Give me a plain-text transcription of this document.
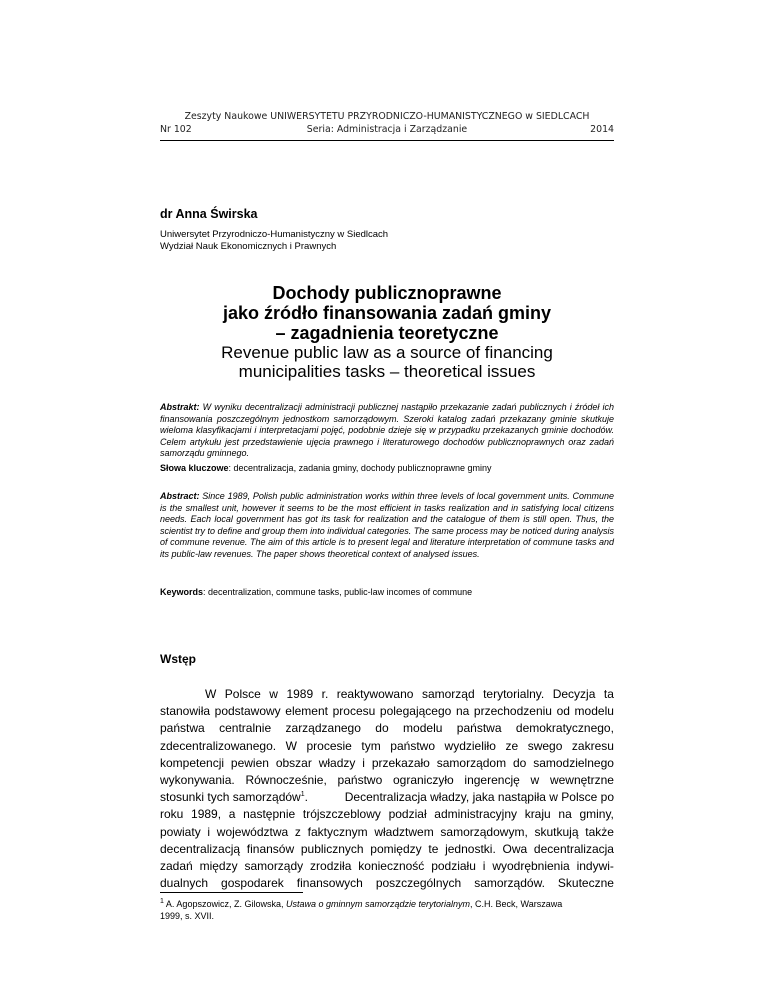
Zeszyty Naukowe UNIWERSYTETU PRZYRODNICZO-HUMANISTYCZNEGO w SIEDLCACH
Nr 102	Seria: Administracja i Zarządzanie	2014
dr Anna Świrska
Uniwersytet Przyrodniczo-Humanistyczny w Siedlcach
Wydział Nauk Ekonomicznych i Prawnych
Dochody publicznoprawne
jako źródło finansowania zadań gminy
– zagadnienia teoretyczne
Revenue public law as a source of financing
municipalities tasks – theoretical issues
Abstrakt: W wyniku decentralizacji administracji publicznej nastąpiło przekazanie zadań publicznych i źródeł ich finansowania poszczególnym jednostkom samorządowym. Szeroki katalog zadań przekazany gminie skutkuje wieloma klasyfikacjami i interpretacjami pojęć, podobnie dzieje się w przypadku przekazanych gminie dochodów. Celem artykułu jest przedstawienie ujęcia prawnego i literaturowego dochodów publicznoprawnych oraz zadań samorządu gminnego.
Słowa kluczowe: decentralizacja, zadania gminy, dochody publicznoprawne gminy
Abstract: Since 1989, Polish public administration works within three levels of local government units. Commune is the smallest unit, however it seems to be the most efficient in tasks realization and in satisfying local citizens needs. Each local government has got its task for realization and the catalogue of them is still open. Thus, the scientist try to define and group them into individual categories. The same process may be noticed during analysis of commune revenue. The aim of this article is to present legal and literature interpretation of commune tasks and its public-law revenues. The paper shows theoretical context of analysed issues.
Keywords: decentralization, commune tasks, public-law incomes of commune
Wstęp
W Polsce w 1989 r. reaktywowano samorząd terytorialny. Decyzja ta
stanowiła podstawowy element procesu polegającego na przechodzeniu od modelu
państwa centralnie zarządzanego do modelu państwa demokratycznego,
zdecentralizowanego. W procesie tym państwo wydzieliło ze swego zakresu
kompetencji pewien obszar władzy i przekazało samorządom do samodzielnego
wykonywania. Równocześnie, państwo ograniczyło ingerencję w wewnętrzne
stosunki tych samorządów$^1$.	Decentralizacja władzy, jaka nastąpiła w Polsce po
roku 1989, a następnie trójszczeblowy podział administracyjny kraju na gminy,
powiaty i województwa z faktycznym władztwem samorządowym, skutkują także
decentralizacją finansów publicznych pomiędzy te jednostki. Owa decentralizacja
zadań między samorządy zrodziła konieczność podziału i wyodrębnienia indywi-
dualnych gospodarek finansowych poszczególnych samorządów. Skuteczne
$^1$ A. Agopszowicz, Z. Gilowska, Ustawa o gminnym samorządzie terytorialnym, C.H. Beck, Warszawa
1999, s. XVII.
